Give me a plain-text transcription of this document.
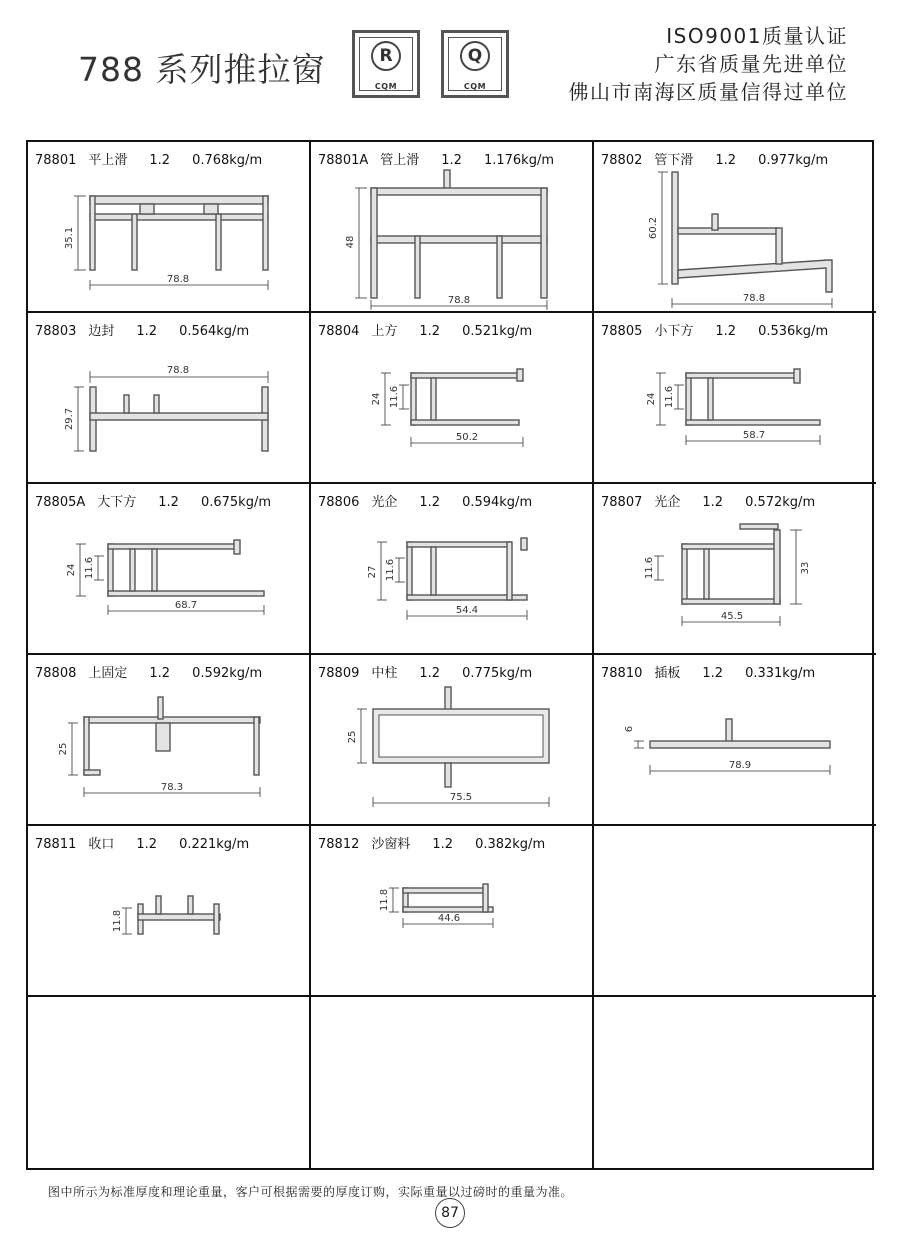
788 系列推拉窗	R
CQM
Q
CQM
ISO9001质量认证
广东省质量先进单位
佛山市南海区质量信得过单位
78801 平上滑 1.2 0.768kg/m
35.1
78.8
78801A 管上滑 1.2 1.176kg/m
48
78.8
78802 管下滑 1.2 0.977kg/m
60.2
78.8
78803 边封 1.2 0.564kg/m
29.7
78.8
78804 上方 1.2 0.521kg/m
24 11.6
50.2
78805 小下方 1.2 0.536kg/m
24 11.6
58.7
78805A 大下方 1.2 0.675kg/m
24 11.6
68.7
78806 光企 1.2 0.594kg/m
27 11.6
54.4
78807 光企 1.2 0.572kg/m
11.6	33
45.5
78808 上固定 1.2 0.592kg/m
25
78.3
78809 中柱 1.2 0.775kg/m
25
75.5
78810 插板 1.2 0.331kg/m
6
78.9
78811 收口 1.2 0.221kg/m
11.8
78812 沙窗料 1.2 0.382kg/m
11.8
44.6
图中所示为标准厚度和理论重量，客户可根据需要的厚度订购，实际重量以过磅时的重量为准。
87
